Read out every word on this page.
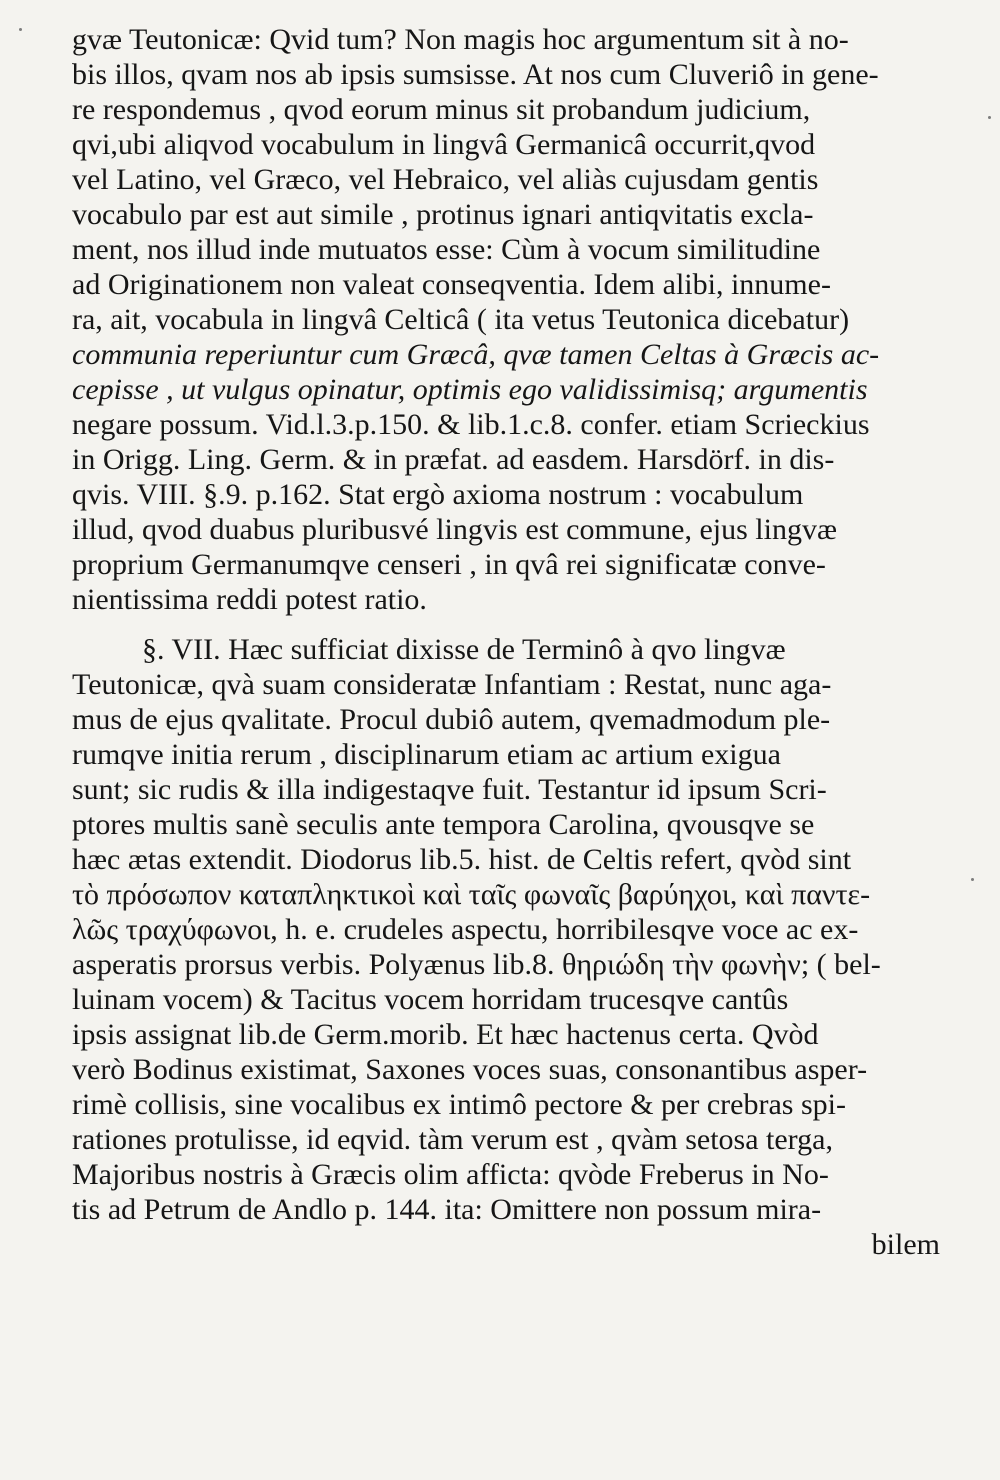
gvæ Teutonicæ: Qvid tum? Non magis hoc argumentum sit à no-
bis illos, qvam nos ab ipsis sumsisse. At nos cum Cluveriô in gene-
re respondemus , qvod eorum minus sit probandum judicium,
qvi,ubi aliqvod vocabulum in lingvâ Germanicâ occurrit,qvod
vel Latino, vel Græco, vel Hebraico, vel aliàs cujusdam gentis
vocabulo par est aut simile , protinus ignari antiqvitatis excla-
ment, nos illud inde mutuatos esse: Cùm à vocum similitudine
ad Originationem non valeat conseqventia. Idem alibi, innume-
ra, ait, vocabula in lingvâ Celticâ ( ita vetus Teutonica dicebatur)
communia reperiuntur cum Græcâ, qvæ tamen Celtas à Græcis ac-
cepisse , ut vulgus opinatur, optimis ego validissimisq; argumentis
negare possum. Vid.l.3.p.150. & lib.1.c.8. confer. etiam Scrieckius
in Origg. Ling. Germ. & in præfat. ad easdem. Harsdörf. in dis-
qvis. VIII. §.9. p.162. Stat ergò axioma nostrum : vocabulum
illud, qvod duabus pluribusvé lingvis est commune, ejus lingvæ
proprium Germanumqve censeri , in qvâ rei significatæ conve-
nientissima reddi potest ratio.
§. VII. Hæc sufficiat dixisse de Terminô à qvo lingvæ
Teutonicæ, qvà suam consideratæ Infantiam : Restat, nunc aga-
mus de ejus qvalitate. Procul dubiô autem, qvemadmodum ple-
rumqve initia rerum , disciplinarum etiam ac artium exigua
sunt; sic rudis & illa indigestaqve fuit. Testantur id ipsum Scri-
ptores multis sanè seculis ante tempora Carolina, qvousqve se
hæc ætas extendit. Diodorus lib.5. hist. de Celtis refert, qvòd sint
τὸ πρόσωπον καταπληκτικοὶ καὶ ταῖς φωναῖς βαρύηχοι, καὶ παντε-
λῶς τραχύφωνοι, h. e. crudeles aspectu, horribilesqve voce ac ex-
asperatis prorsus verbis. Polyænus lib.8. θηριώδη τὴν φωνὴν; ( bel-
luinam vocem) & Tacitus vocem horridam trucesqve cantûs
ipsis assignat lib.de Germ.morib. Et hæc hactenus certa. Qvòd
verò Bodinus existimat, Saxones voces suas, consonantibus asper-
rimè collisis, sine vocalibus ex intimô pectore & per crebras spi-
rationes protulisse, id eqvid. tàm verum est , qvàm setosa terga,
Majoribus nostris à Græcis olim afficta: qvòde Freberus in No-
tis ad Petrum de Andlo p. 144. ita: Omittere non possum mira-
bilem
